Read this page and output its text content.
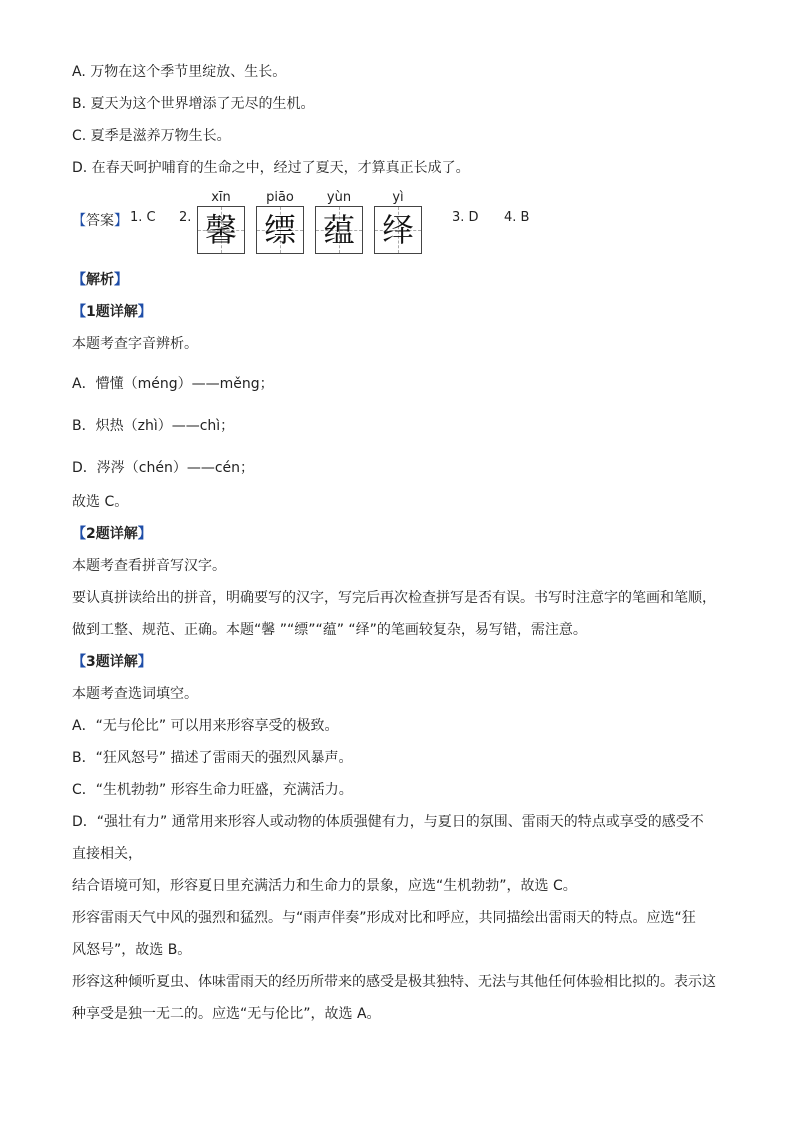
A. 万物在这个季节里绽放、生长。
B. 夏天为这个世界增添了无尽的生机。
C. 夏季是滋养万物生长。
D. 在春天呵护哺育的生命之中，经过了夏天，才算真正长成了。
【答案】 1. C 2.
xīn
馨
piāo
缥
yùn
蕴
yì
绎	3. D 4. B
【解析】
【1题详解】
本题考查字音辨析。
A．懵懂（méng）——měng；
B．炽热（zhì）——chì；
D．涔涔（chén）——cén；
故选 C。
【2题详解】
本题考查看拼音写汉字。
要认真拼读给出的拼音，明确要写的汉字，写完后再次检查拼写是否有误。书写时注意字的笔画和笔顺，
做到工整、规范、正确。本题“馨 ”“缥”“蕴” “绎”的笔画较复杂，易写错，需注意。
【3题详解】
本题考查选词填空。
A．“无与伦比” 可以用来形容享受的极致。
B．“狂风怒号” 描述了雷雨天的强烈风暴声。
C．“生机勃勃” 形容生命力旺盛，充满活力。
D．“强壮有力” 通常用来形容人或动物的体质强健有力，与夏日的氛围、雷雨天的特点或享受的感受不
直接相关，
结合语境可知，形容夏日里充满活力和生命力的景象，应选“生机勃勃”，故选 C。
形容雷雨天气中风的强烈和猛烈。与“雨声伴奏”形成对比和呼应，共同描绘出雷雨天的特点。应选“狂
风怒号”，故选 B。
形容这种倾听夏虫、体味雷雨天的经历所带来的感受是极其独特、无法与其他任何体验相比拟的。表示这
种享受是独一无二的。应选“无与伦比”，故选 A。
